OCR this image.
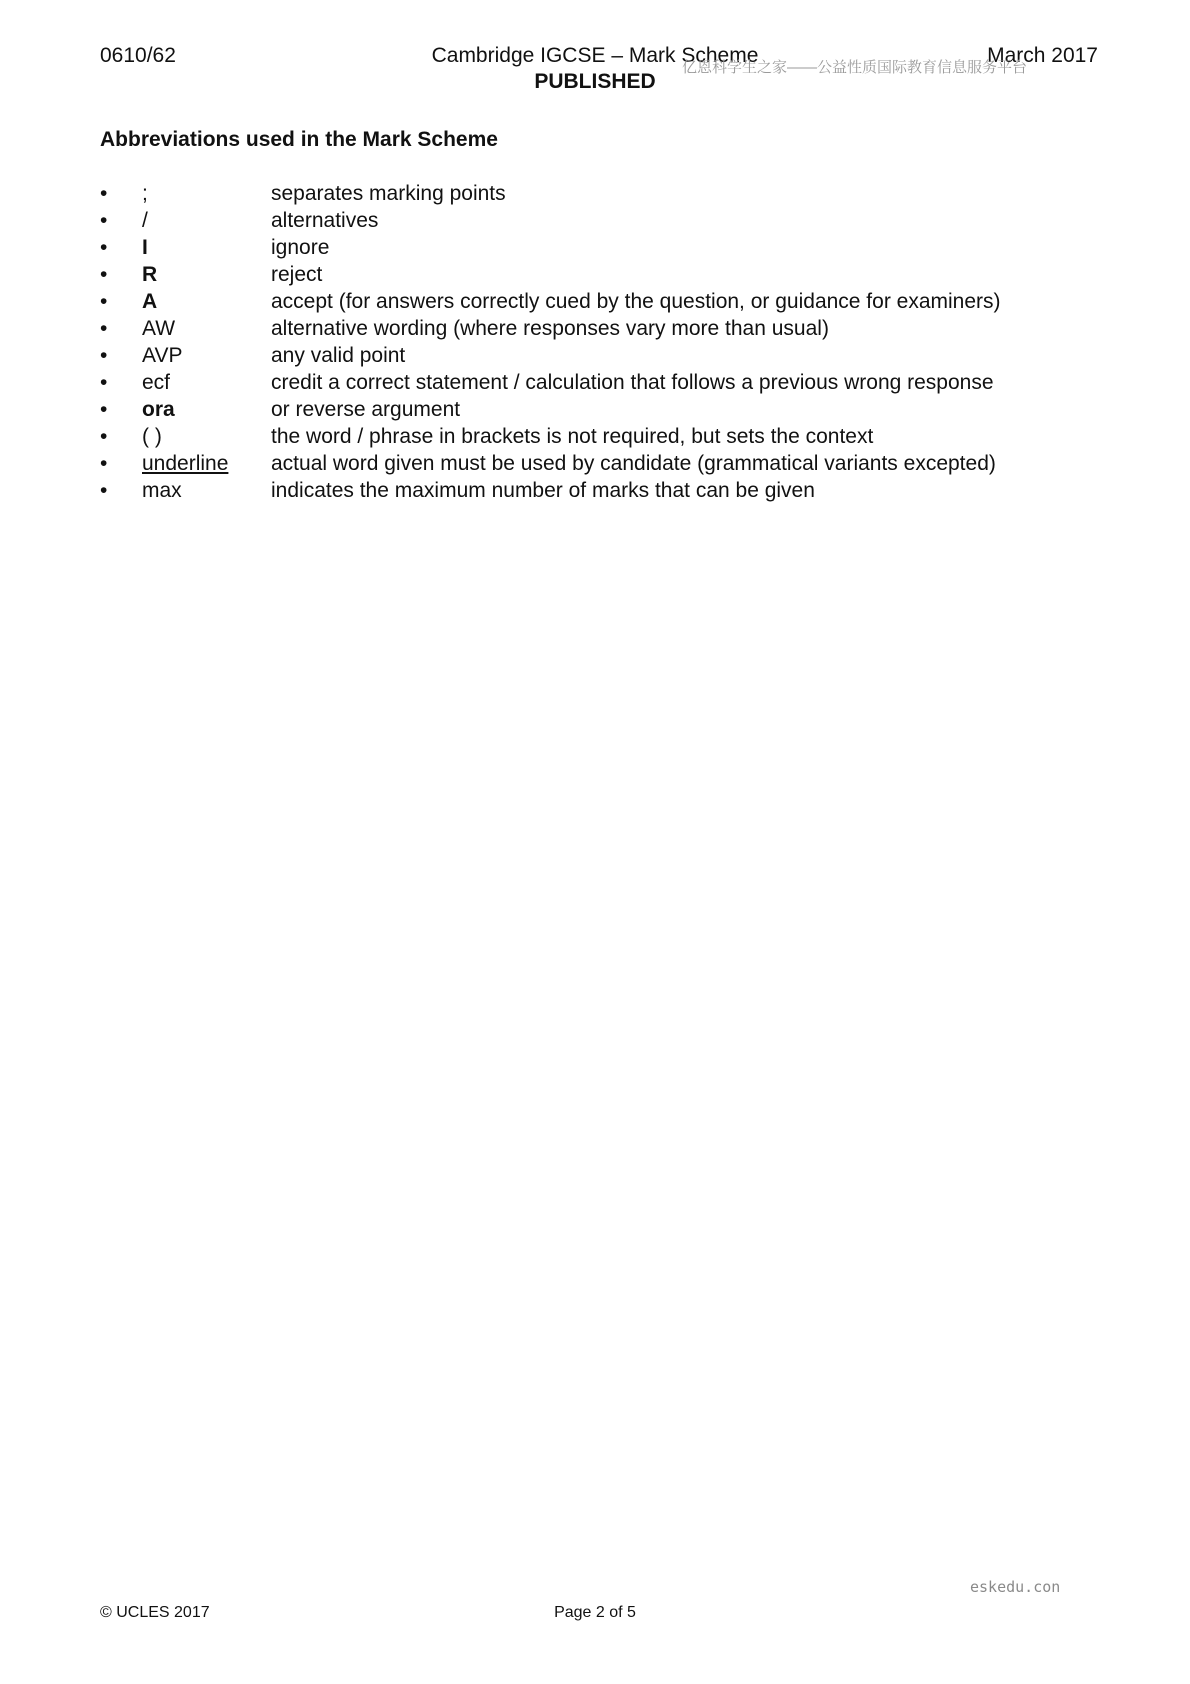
0610/62	Cambridge IGCSE – Mark Scheme	March 2017
PUBLISHED
亿恩科学生之家——公益性质国际教育信息服务平台
Abbreviations used in the Mark Scheme
• ;	separates marking points
• /	alternatives
• I	ignore
• R	reject
• A	accept (for answers correctly cued by the question, or guidance for examiners)
• AW	alternative wording (where responses vary more than usual)
• AVP	any valid point
• ecf	credit a correct statement / calculation that follows a previous wrong response
• ora	or reverse argument
• ( )	the word / phrase in brackets is not required, but sets the context
• underline actual word given must be used by candidate (grammatical variants excepted)
• max	indicates the maximum number of marks that can be given
eskedu.con
© UCLES 2017	Page 2 of 5
